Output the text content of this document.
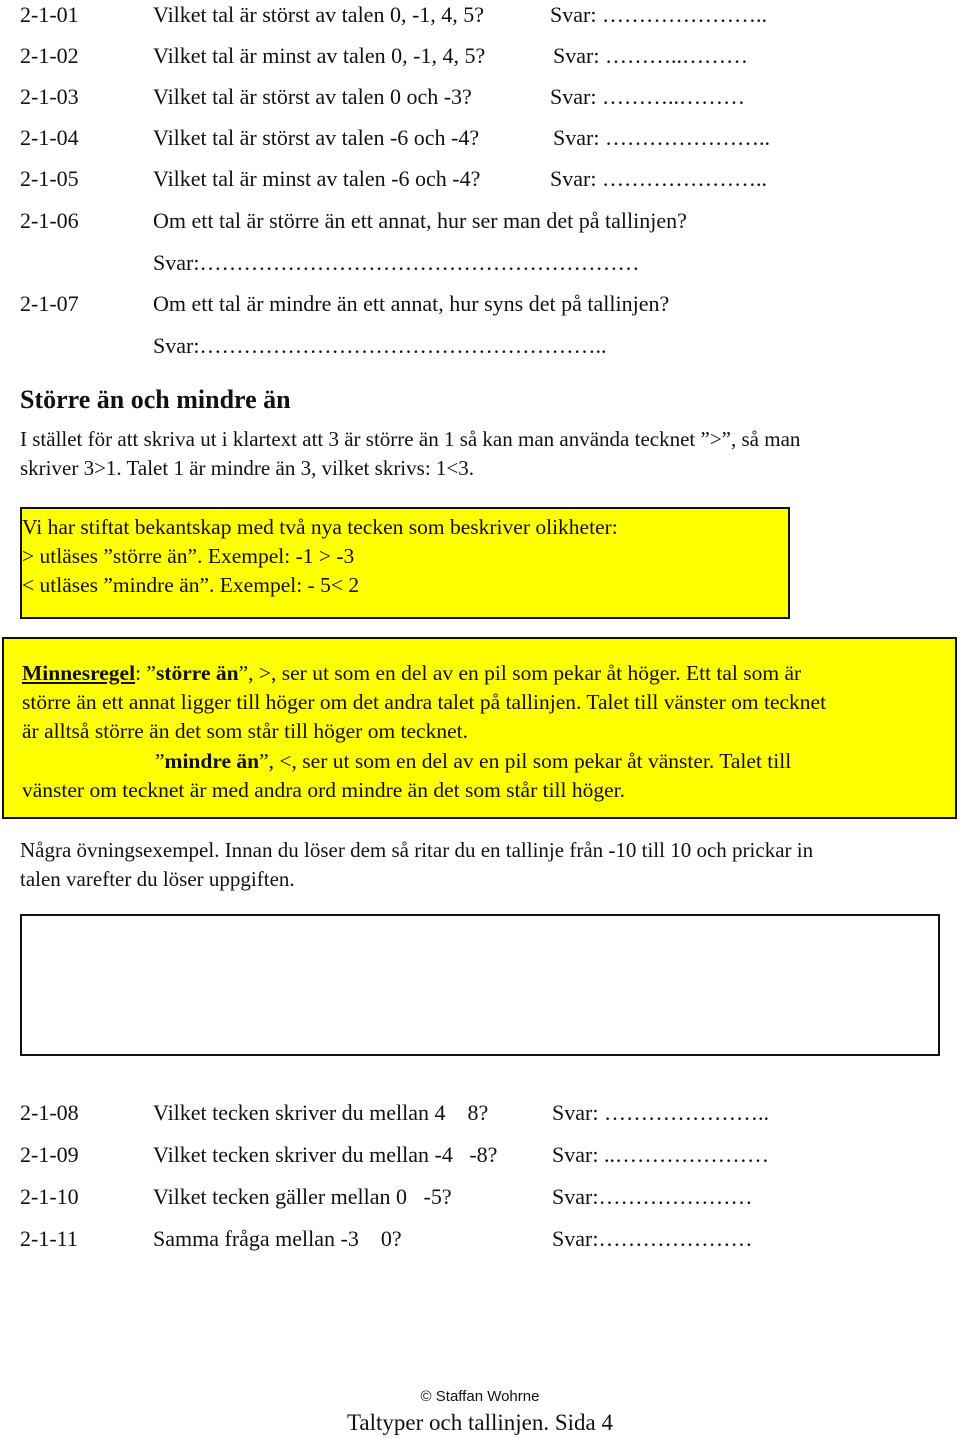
2-1-01	Vilket tal är störst av talen 0, -1, 4, 5?	Svar: …………………..
2-1-02	Vilket tal är minst av talen 0, -1, 4, 5?	Svar: ………..………
2-1-03	Vilket tal är störst av talen 0 och -3?	Svar: ………..………
2-1-04	Vilket tal är störst av talen -6 och -4?	Svar: …………………..
2-1-05	Vilket tal är minst av talen -6 och -4?	Svar: …………………..
2-1-06	Om ett tal är större än ett annat, hur ser man det på tallinjen?
Svar:……………………………………………………
2-1-07	Om ett tal är mindre än ett annat, hur syns det på tallinjen?
Svar:………………………………………………..
Större än och mindre än
I stället för att skriva ut i klartext att 3 är större än 1 så kan man använda tecknet ”>”, så man
skriver 3>1. Talet 1 är mindre än 3, vilket skrivs: 1<3.
Vi har stiftat bekantskap med två nya tecken som beskriver olikheter:
> utläses ”större än”. Exempel: -1 > -3
< utläses ”mindre än”. Exempel: - 5< 2
Minnesregel: ”större än”, >, ser ut som en del av en pil som pekar åt höger. Ett tal som är
större än ett annat ligger till höger om det andra talet på tallinjen. Talet till vänster om tecknet
är alltså större än det som står till höger om tecknet.
”mindre än”, <, ser ut som en del av en pil som pekar åt vänster. Talet till
vänster om tecknet är med andra ord mindre än det som står till höger.
Några övningsexempel. Innan du löser dem så ritar du en tallinje från -10 till 10 och prickar in
talen varefter du löser uppgiften.
2-1-08	Vilket tecken skriver du mellan 4    8?	Svar: …………………..
2-1-09	Vilket tecken skriver du mellan -4   -8? Svar: ..…………………
2-1-10	Vilket tecken gäller mellan 0   -5?	Svar:…………………
2-1-11	Samma fråga mellan -3    0?	Svar:…………………
© Staffan Wohrne
Taltyper och tallinjen. Sida 4
